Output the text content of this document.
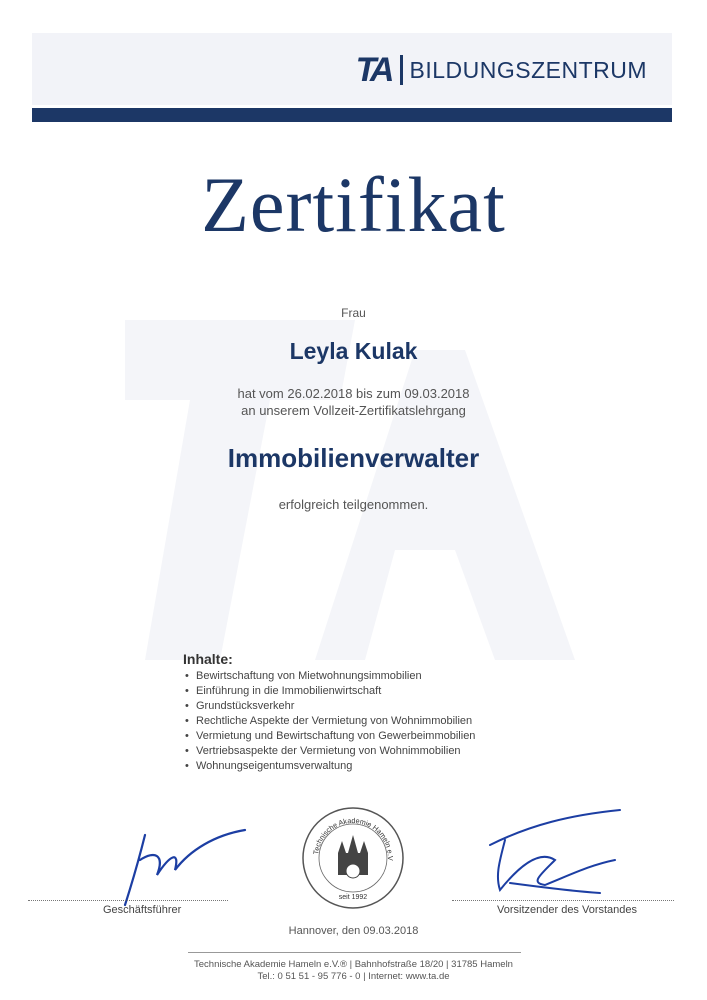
TA BILDUNGSZENTRUM
Zertifikat
Frau
Leyla Kulak
hat vom 26.02.2018 bis zum 09.03.2018
an unserem Vollzeit-Zertifikatslehrgang
Immobilienverwalter
erfolgreich teilgenommen.
Inhalte:
• Bewirtschaftung von Mietwohnungsimmobilien
• Einführung in die Immobilienwirtschaft
• Grundstücksverkehr
• Rechtliche Aspekte der Vermietung von Wohnimmobilien
• Vermietung und Bewirtschaftung von Gewerbeimmobilien
• Vertriebsaspekte der Vermietung von Wohnimmobilien
• Wohnungseigentumsverwaltung
Geschäftsführer
Technische Akademie Hameln e.V
seit 1992
Vorsitzender des Vorstandes
Hannover, den 09.03.2018
Technische Akademie Hameln e.V.® | Bahnhofstraße 18/20 | 31785 Hameln
Tel.: 0 51 51 - 95 776 - 0 | Internet: www.ta.de
